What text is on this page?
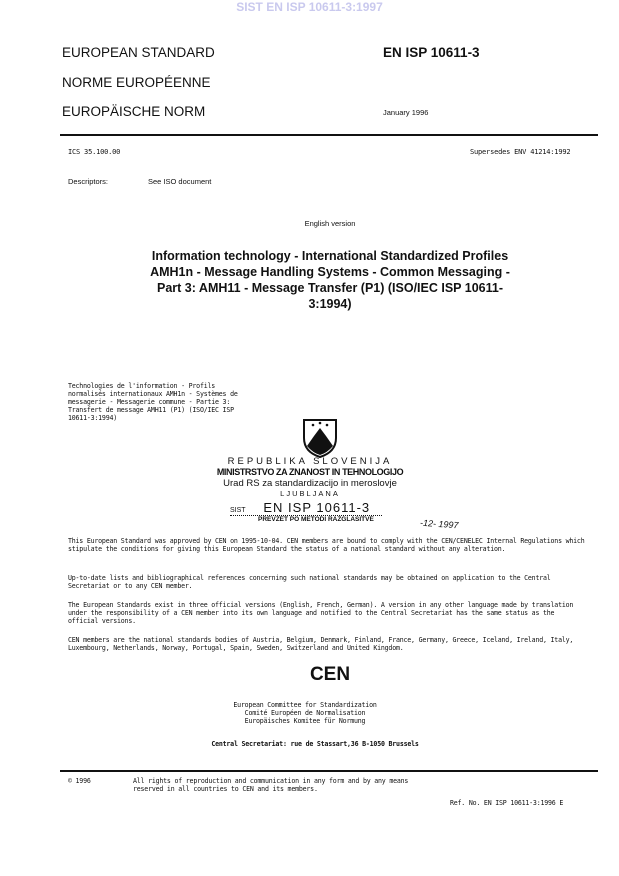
SIST EN ISP 10611-3:1997
EUROPEAN STANDARD
NORME EUROPÉENNE
EUROPÄISCHE NORM
EN ISP 10611-3
January 1996
ICS 35.100.00	Supersedes ENV 41214:1992
Descriptors:	See ISO document
English version
Information technology - International Standardized Profiles AMH1n - Message Handling Systems - Common Messaging - Part 3: AMH11 - Message Transfer (P1) (ISO/IEC ISP 10611-3:1994)
Technologies de l'information - Profils
normalisés internationaux AMH1n - Systèmes de
messagerie - Messagerie commune - Partie 3:
Transfert de message AMH11 (P1) (ISO/IEC ISP
10611-3:1994)
REPUBLIKA SLOVENIJA
MINISTRSTVO ZA ZNANOST IN TEHNOLOGIJO
Urad RS za standardizacijo in meroslovje
LJUBLJANA
SIST EN ISP 10611-3
PREVZET PO METODI RAZGLASITVE	-12- 1997
This European Standard was approved by CEN on 1995-10-04. CEN members are bound to comply with the CEN/CENELEC Internal Regulations which stipulate the conditions for giving this European Standard the status of a national standard without any alteration.
Up-to-date lists and bibliographical references concerning such national standards may be obtained on application to the Central Secretariat or to any CEN member.
The European Standards exist in three official versions (English, French, German). A version in any other language made by translation under the responsibility of a CEN member into its own language and notified to the Central Secretariat has the same status as the official versions.
CEN members are the national standards bodies of Austria, Belgium, Denmark, Finland, France, Germany, Greece, Iceland, Ireland, Italy, Luxembourg, Netherlands, Norway, Portugal, Spain, Sweden, Switzerland and United Kingdom.
CEN
European Committee for Standardization
Comité Européen de Normalisation
Europäisches Komitee für Normung
Central Secretariat: rue de Stassart,36 B-1050 Brussels
© 1996	All rights of reproduction and communication in any form and by any means
reserved in all countries to CEN and its members.
Ref. No. EN ISP 10611-3:1996 E
